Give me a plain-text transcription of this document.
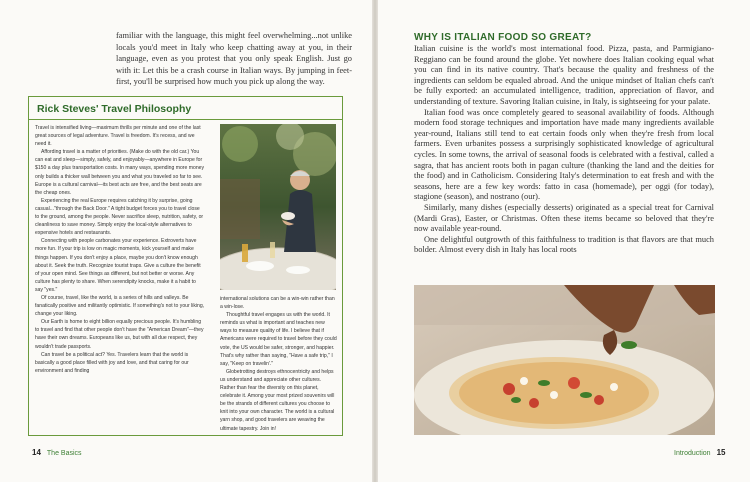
familiar with the language, this might feel overwhelming...not unlike locals you'd meet in Italy who keep chatting away at you, in their language, even as you protest that you only speak English. Just go with it: Let this be a crash course in Italian ways. By jumping in feet-first, you'll be surprised how much you pick up along the way.

Rick Steves' Travel Philosophy

Travel is intensified living—maximum thrills per minute and one of the last great sources of legal adventure. Travel is freedom. It's recess, and we need it.

Affording travel is a matter of priorities. (Make do with the old car.) You can eat and sleep—simply, safely, and enjoyably—anywhere in Europe for $150 a day plus transportation costs. In many ways, spending more money only builds a thicker wall between you and what you traveled so far to see. Europe is a cultural carnival—its best acts are free, and the best seats are the cheap ones.

Experiencing the real Europe requires catching it by surprise, going casual..."through the Back Door." A tight budget forces you to travel close to the ground, among the people. Never sacrifice sleep, nutrition, safety, or cleanliness to save money. Simply enjoy the local-style alternatives to expensive hotels and restaurants.

Connecting with people carbonates your experience. Extroverts have more fun. If your trip is low on magic moments, kick yourself and make things happen. If you don't enjoy a place, maybe you don't know enough about it. Seek the truth. Recognize tourist traps. Give a culture the benefit of your open mind. See things as different, but not better or worse. Any culture has plenty to share. When serendipity knocks, make it a habit to say "yes."

Of course, travel, like the world, is a series of hills and valleys. Be fanatically positive and militantly optimistic. If something's not to your liking, change your liking.

Our Earth is home to eight billion equally precious people. It's humbling to travel and find that other people don't have the "American Dream"—they have their own dreams. Europeans like us, but with all due respect, they wouldn't trade passports.

Can travel be a political act? Yes. Travelers learn that the world is basically a good place filled with joy and love, and that caring for our environment and finding

international solutions can be a win-win rather than a win-lose.

Thoughtful travel engages us with the world. It reminds us what is important and teaches new ways to measure quality of life. I believe that if Americans were required to travel before they could vote, the US would be safer, stronger, and happier. That's why rather than saying, "Have a safe trip," I say, "Keep on travelin'."

Globetrotting destroys ethnocentricity and helps us understand and appreciate other cultures. Rather than fear the diversity on this planet, celebrate it. Among your most prized souvenirs will be the strands of different cultures you choose to knit into your own character. The world is a cultural yarn shop, and good travelers are weaving the ultimate tapestry. Join in!

14 The Basics
WHY IS ITALIAN FOOD SO GREAT?

Italian cuisine is the world's most international food. Pizza, pasta, and Parmigiano-Reggiano can be found around the globe. Yet nowhere does Italian cooking equal what you can find in its native country. That's because the quality and freshness of the ingredients can seldom be equaled abroad. And the unique mindset of Italian chefs can't be fully exported: an accumulated intelligence, tradition, appreciation of flavor, and understanding of texture. Savoring Italian cuisine, in Italy, is sightseeing for your palate.

Italian food was once completely geared to seasonal availability of foods. Although modern food storage techniques and importation have made many ingredients available year-round, Italians still tend to eat certain foods only when they're fresh from local farmers. Even urbanites possess a surprisingly sophisticated knowledge of agricultural cycles. In some towns, the arrival of seasonal foods is celebrated with a festival, called a sagra, that has ancient roots both in pagan culture (thanking the land and the deities for the food) and in Catholicism. Considering Italy's determination to eat fresh and with the seasons, here are a few key words: fatto in casa (homemade), per oggi (for today), stagione (season), and nostrano (our).

Similarly, many dishes (especially desserts) originated as a special treat for Carnival (Mardi Gras), Easter, or Christmas. Often these items became so beloved that they're now available year-round.

One delightful outgrowth of this faithfulness to tradition is that flavors are that much bolder. Almost every dish in Italy has local roots

Introduction 15
